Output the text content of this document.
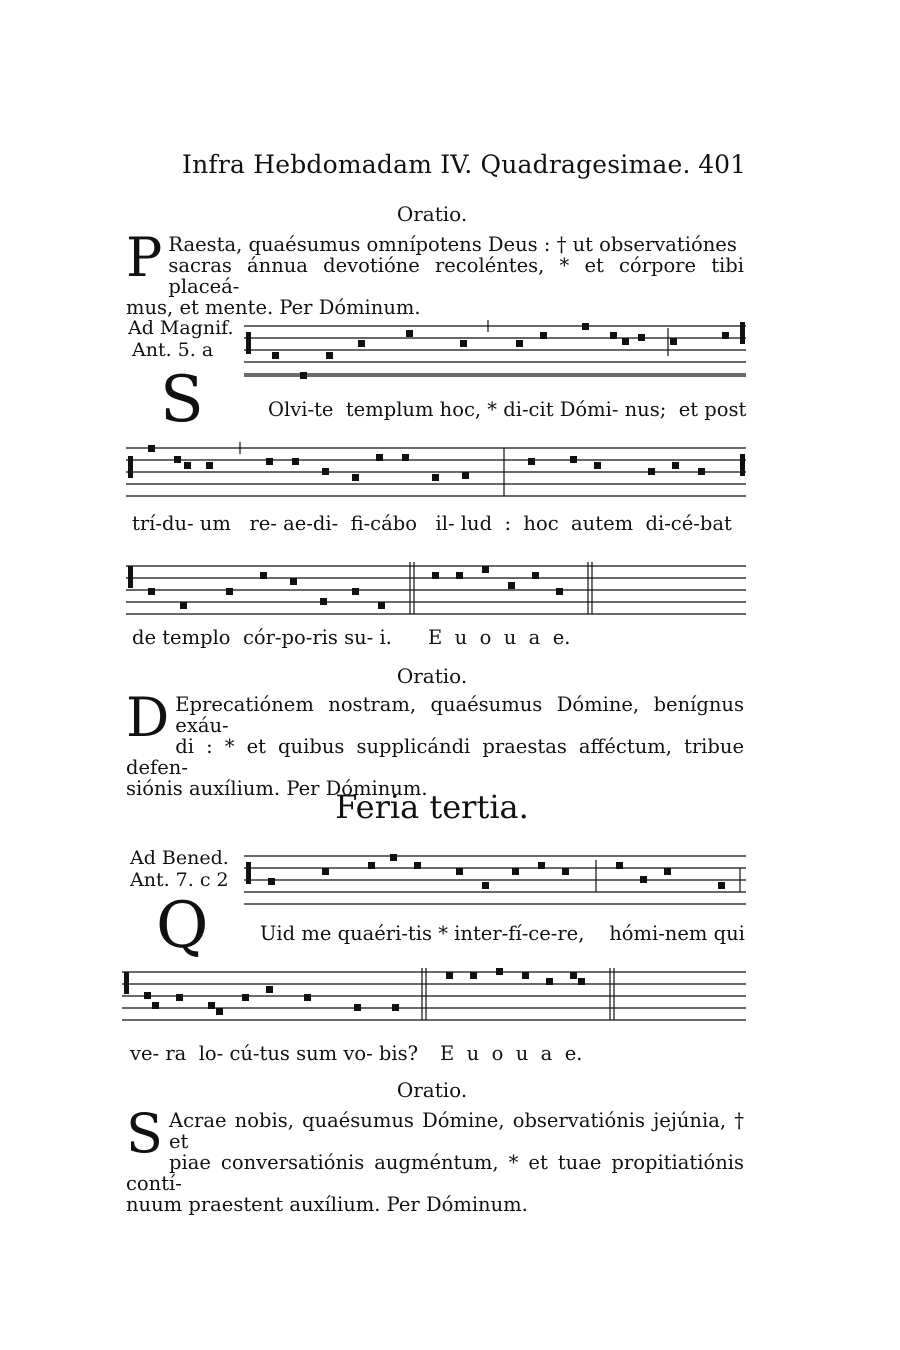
Infra Hebdomadam IV. Quadragesimae. 401
Oratio.
P Raesta, quaésumus omnípotens Deus : † ut observatiónes

sacras ánnua devotióne recoléntes, * et córpore tibi placeá-

mus, et mente. Per Dóminum.

Ad Magnif.
Ant. 5. a
S	Olvi-te  templum hoc, * di-cit Dómi- nus;  et post
trí-du- um   re- ae-di-  fi-cábo   il- lud  :  hoc  autem  di-cé-bat
de templo  cór-po-ris su- i. E  u  o  u  a  e.
Oratio.
D Eprecatiónem nostram, quaésumus Dómine, benígnus exáu-

di : * et quibus supplicándi praestas afféctum, tribue defen-

siónis auxílium. Per Dóminum.

Feria tertia.
Ad Bened.
Ant. 7. c 2
Q	Uid me quaéri-tis * inter-fí-ce-re,    hómi-nem qui
ve- ra  lo- cú-tus sum vo- bis? E  u  o  u  a  e.
Oratio.
S Acrae nobis, quaésumus Dómine, observatiónis jejúnia, † et

piae conversatiónis augméntum, * et tuae propitiatiónis contí-

nuum praestent auxílium. Per Dóminum.
